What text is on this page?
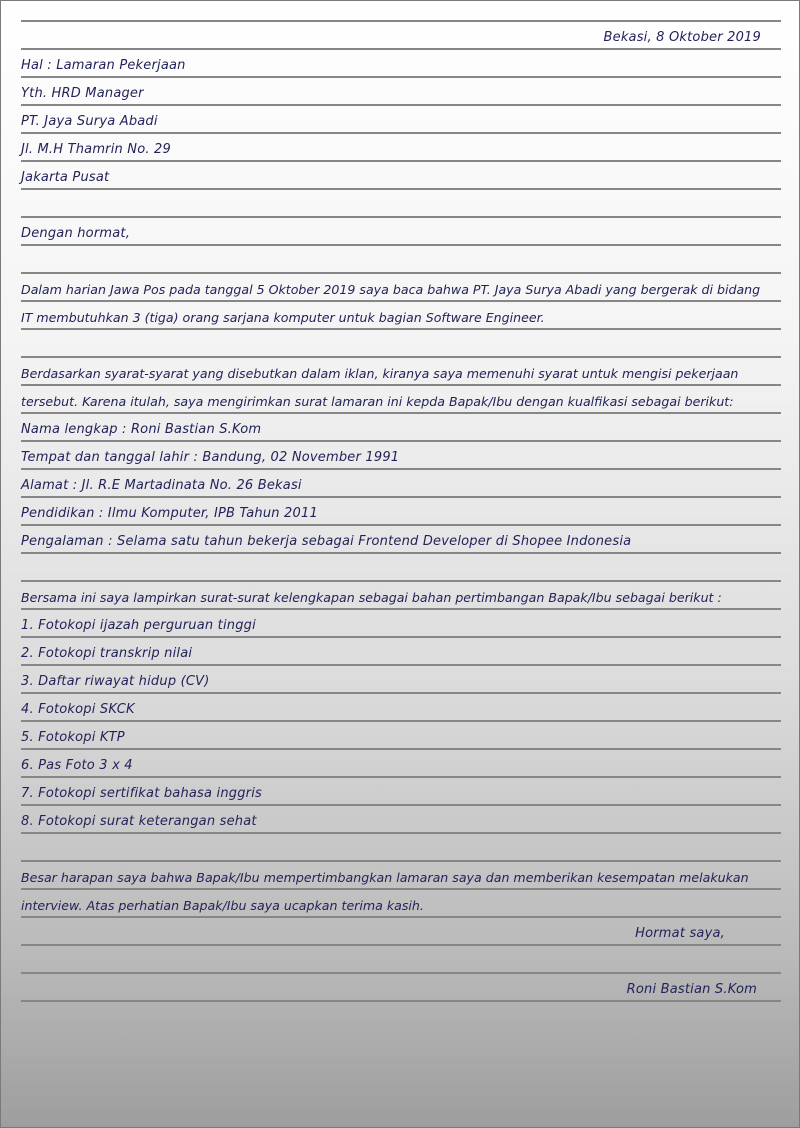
Bekasi, 8 Oktober 2019
Hal : Lamaran Pekerjaan
Yth. HRD Manager
PT. Jaya Surya Abadi
Jl. M.H Thamrin No. 29
Jakarta Pusat
Dengan hormat,
Dalam harian Jawa Pos pada tanggal 5 Oktober 2019 saya baca bahwa PT. Jaya Surya Abadi yang bergerak di bidang
IT membutuhkan 3 (tiga) orang sarjana komputer untuk bagian Software Engineer.
Berdasarkan syarat-syarat yang disebutkan dalam iklan, kiranya saya memenuhi syarat untuk mengisi pekerjaan
tersebut. Karena itulah, saya mengirimkan surat lamaran ini kepda Bapak/Ibu dengan kualfikasi sebagai berikut:
Nama lengkap : Roni Bastian S.Kom
Tempat dan tanggal lahir : Bandung, 02 November 1991
Alamat : Jl. R.E Martadinata No. 26 Bekasi
Pendidikan : Ilmu Komputer, IPB Tahun 2011
Pengalaman : Selama satu tahun bekerja sebagai Frontend Developer di Shopee Indonesia
Bersama ini saya lampirkan surat-surat kelengkapan sebagai bahan pertimbangan Bapak/Ibu sebagai berikut :
1. Fotokopi ijazah perguruan tinggi
2. Fotokopi transkrip nilai
3. Daftar riwayat hidup (CV)
4. Fotokopi SKCK
5. Fotokopi KTP
6. Pas Foto 3 x 4
7. Fotokopi sertifikat bahasa inggris
8. Fotokopi surat keterangan sehat
Besar harapan saya bahwa Bapak/Ibu mempertimbangkan lamaran saya dan memberikan kesempatan melakukan
interview. Atas perhatian Bapak/Ibu saya ucapkan terima kasih.
Hormat saya,
Roni Bastian S.Kom
